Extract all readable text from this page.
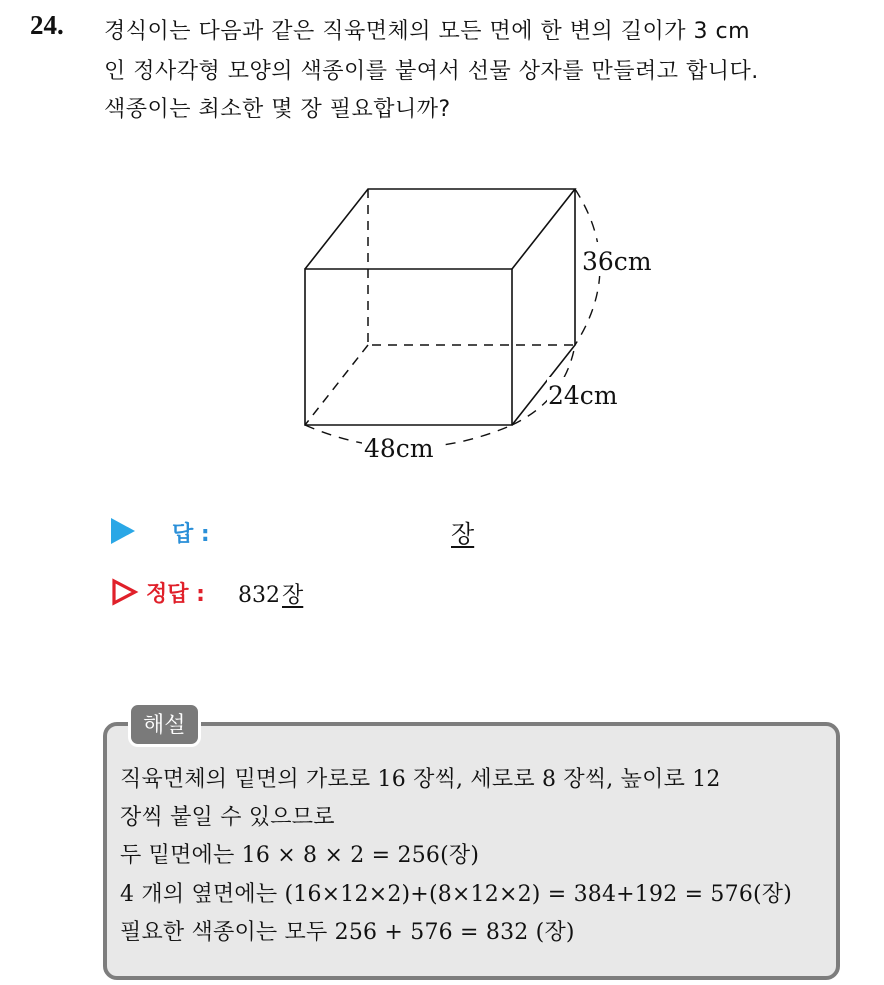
24. 경식이는 다음과 같은 직육면체의 모든 면에 한 변의 길이가 3 cm
인 정사각형 모양의 색종이를 붙여서 선물 상자를 만들려고 합니다.
색종이는 최소한 몇 장 필요합니까?
36cm
24cm
48cm
답 :	장
정답 : 832장
해설
직육면체의 밑면의 가로로 16 장씩, 세로로 8 장씩, 높이로 12
장씩 붙일 수 있으므로
두 밑면에는 16 × 8 × 2 = 256(장)
4 개의 옆면에는 (16×12×2)+(8×12×2) = 384+192 = 576(장)
필요한 색종이는 모두 256 + 576 = 832 (장)
